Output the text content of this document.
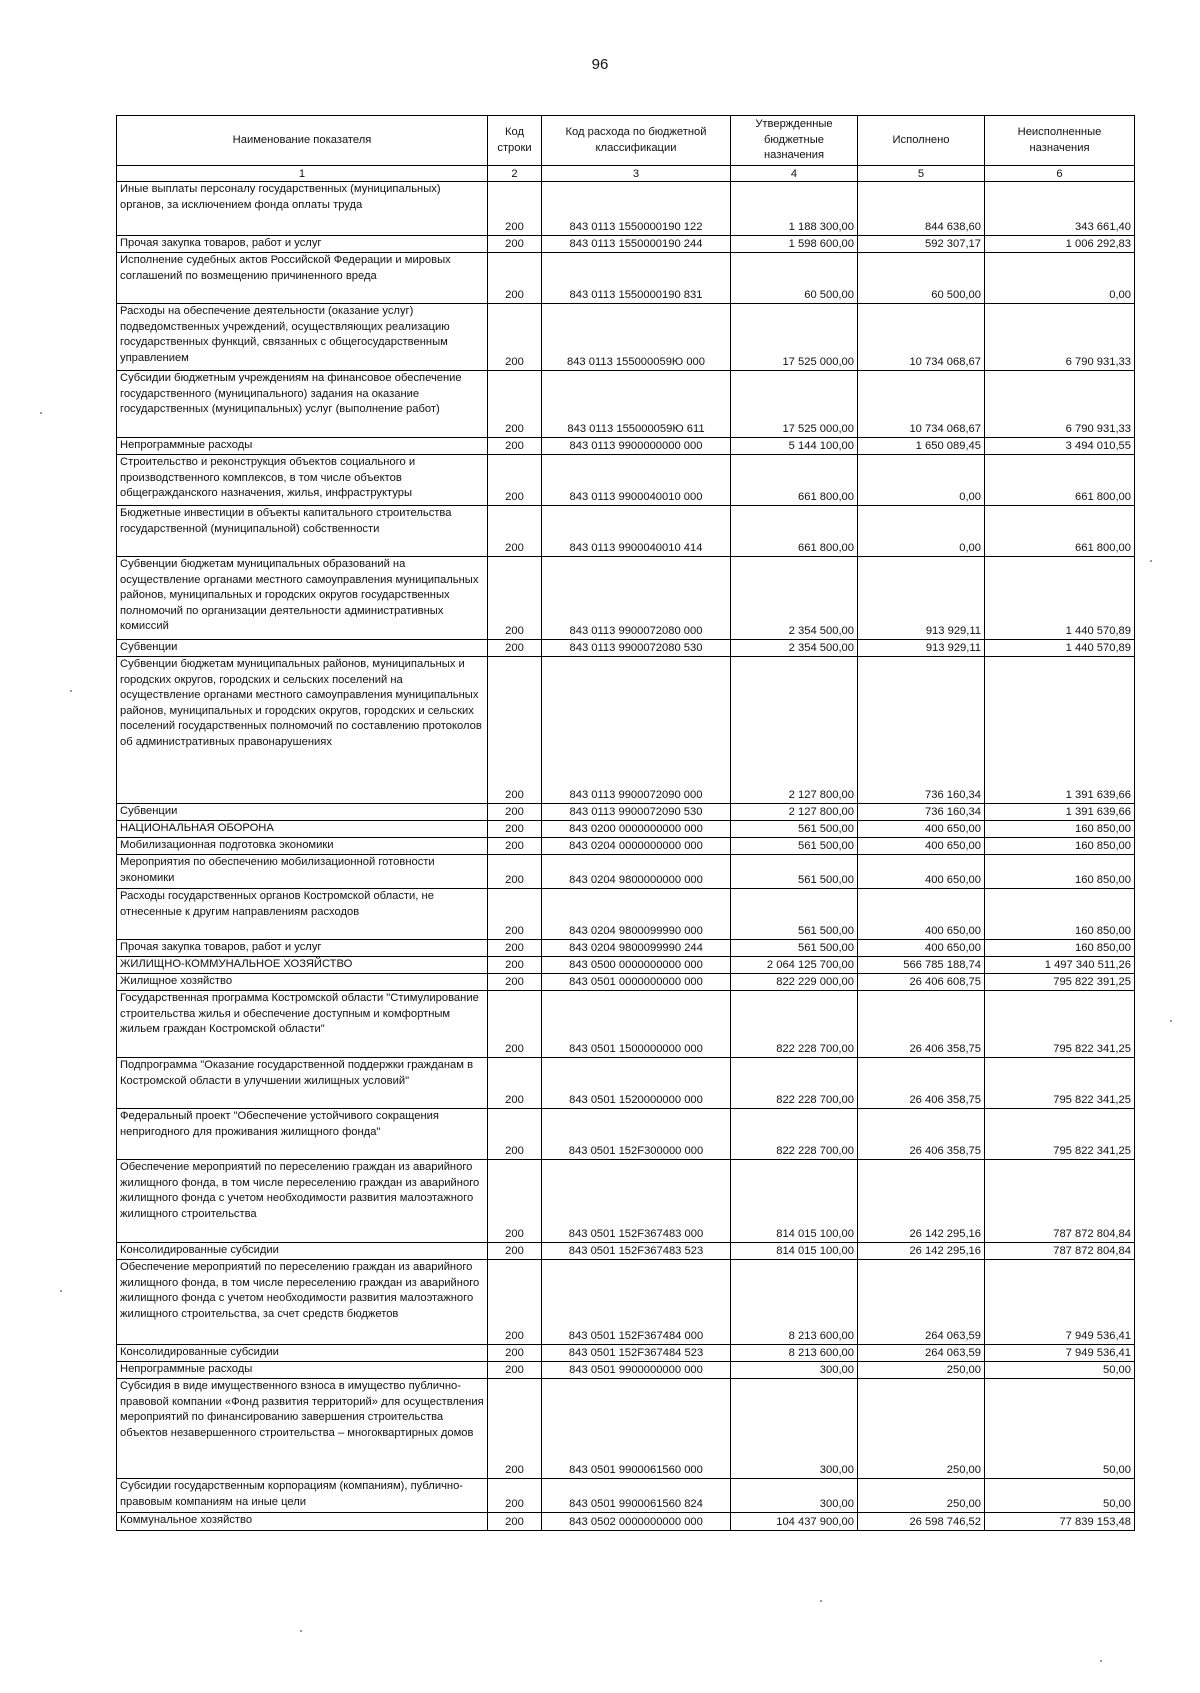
96
Наименование показателя	Код строки	Код расхода по бюджетной классификации	Утвержденные бюджетные назначения	Исполнено	Неисполненные назначения
1	2	3	4	5	6
Иные выплаты персоналу государственных (муниципальных) органов, за исключением фонда оплаты труда	200	843 0113 1550000190 122	1 188 300,00	844 638,60	343 661,40
Прочая закупка товаров, работ и услуг	200	843 0113 1550000190 244	1 598 600,00	592 307,17	1 006 292,83
Исполнение судебных актов Российской Федерации и мировых соглашений по возмещению причиненного вреда	200	843 0113 1550000190 831	60 500,00	60 500,00	0,00
Расходы на обеспечение деятельности (оказание услуг) подведомственных учреждений, осуществляющих реализацию государственных функций, связанных с общегосударственным управлением	200	843 0113 155000059Ю 000	17 525 000,00	10 734 068,67	6 790 931,33
Субсидии бюджетным учреждениям на финансовое обеспечение государственного (муниципального) задания на оказание государственных (муниципальных) услуг (выполнение работ)	200	843 0113 155000059Ю 611	17 525 000,00	10 734 068,67	6 790 931,33
Непрограммные расходы	200	843 0113 9900000000 000	5 144 100,00	1 650 089,45	3 494 010,55
Строительство и реконструкция объектов социального и производственного комплексов, в том числе объектов общегражданского назначения, жилья, инфраструктуры	200	843 0113 9900040010 000	661 800,00	0,00	661 800,00
Бюджетные инвестиции в объекты капитального строительства государственной (муниципальной) собственности	200	843 0113 9900040010 414	661 800,00	0,00	661 800,00
Субвенции бюджетам муниципальных образований на осуществление органами местного самоуправления муниципальных районов, муниципальных и городских округов государственных полномочий по организации деятельности административных комиссий	200	843 0113 9900072080 000	2 354 500,00	913 929,11	1 440 570,89
Субвенции	200	843 0113 9900072080 530	2 354 500,00	913 929,11	1 440 570,89
Субвенции бюджетам муниципальных районов, муниципальных и городских округов, городских и сельских поселений на осуществление органами местного самоуправления муниципальных районов, муниципальных и городских округов, городских и сельских поселений государственных полномочий по составлению протоколов об административных правонарушениях	200	843 0113 9900072090 000	2 127 800,00	736 160,34	1 391 639,66
Субвенции	200	843 0113 9900072090 530	2 127 800,00	736 160,34	1 391 639,66
НАЦИОНАЛЬНАЯ ОБОРОНА	200	843 0200 0000000000 000	561 500,00	400 650,00	160 850,00
Мобилизационная подготовка экономики	200	843 0204 0000000000 000	561 500,00	400 650,00	160 850,00
Мероприятия по обеспечению мобилизационной готовности экономики	200	843 0204 9800000000 000	561 500,00	400 650,00	160 850,00
Расходы государственных органов Костромской области, не отнесенные к другим направлениям расходов	200	843 0204 9800099990 000	561 500,00	400 650,00	160 850,00
Прочая закупка товаров, работ и услуг	200	843 0204 9800099990 244	561 500,00	400 650,00	160 850,00
ЖИЛИЩНО-КОММУНАЛЬНОЕ ХОЗЯЙСТВО	200	843 0500 0000000000 000	2 064 125 700,00	566 785 188,74	1 497 340 511,26
Жилищное хозяйство	200	843 0501 0000000000 000	822 229 000,00	26 406 608,75	795 822 391,25
Государственная программа Костромской области "Стимулирование строительства жилья и обеспечение доступным и комфортным жильем граждан Костромской области"	200	843 0501 1500000000 000	822 228 700,00	26 406 358,75	795 822 341,25
Подпрограмма "Оказание государственной поддержки гражданам в Костромской области в улучшении жилищных условий"	200	843 0501 1520000000 000	822 228 700,00	26 406 358,75	795 822 341,25
Федеральный проект "Обеспечение устойчивого сокращения непригодного для проживания жилищного фонда"	200	843 0501 152F300000 000	822 228 700,00	26 406 358,75	795 822 341,25
Обеспечение мероприятий по переселению граждан из аварийного жилищного фонда, в том числе переселению граждан из аварийного жилищного фонда с учетом необходимости развития малоэтажного жилищного строительства	200	843 0501 152F367483 000	814 015 100,00	26 142 295,16	787 872 804,84
Консолидированные субсидии	200	843 0501 152F367483 523	814 015 100,00	26 142 295,16	787 872 804,84
Обеспечение мероприятий по переселению граждан из аварийного жилищного фонда, в том числе переселению граждан из аварийного жилищного фонда с учетом необходимости развития малоэтажного жилищного строительства, за счет средств бюджетов	200	843 0501 152F367484 000	8 213 600,00	264 063,59	7 949 536,41
Консолидированные субсидии	200	843 0501 152F367484 523	8 213 600,00	264 063,59	7 949 536,41
Непрограммные расходы	200	843 0501 9900000000 000	300,00	250,00	50,00
Субсидия в виде имущественного взноса в имущество публично-правовой компании «Фонд развития территорий» для осуществления мероприятий по финансированию завершения строительства объектов незавершенного строительства – многоквартирных домов	200	843 0501 9900061560 000	300,00	250,00	50,00
Субсидии государственным корпорациям (компаниям), публично-правовым компаниям на иные цели	200	843 0501 9900061560 824	300,00	250,00	50,00
Коммунальное хозяйство	200	843 0502 0000000000 000	104 437 900,00	26 598 746,52	77 839 153,48
